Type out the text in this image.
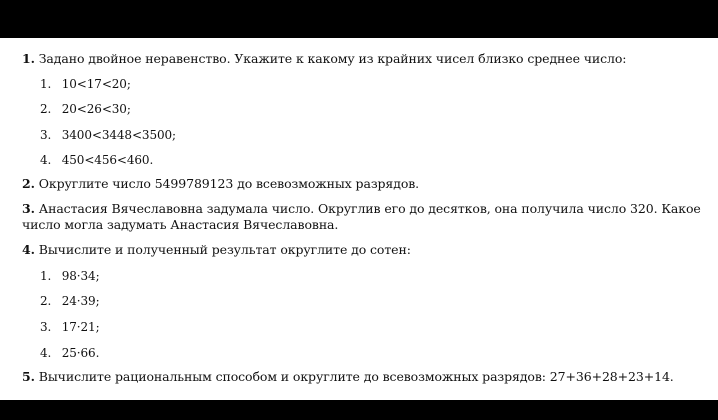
1. Задано двойное неравенство. Укажите к какому из крайних чисел близко среднее число:
1. 10<17<20;
2. 20<26<30;
3. 3400<3448<3500;
4. 450<456<460.
2. Округлите число 5499789123 до всевозможных разрядов.
3. Анастасия Вячеславовна задумала число. Округлив его до десятков, она получила число 320. Какое
число могла задумать Анастасия Вячеславовна.
4. Вычислите и полученный результат округлите до сотен:
1. 98·34;
2. 24·39;
3. 17·21;
4. 25·66.
5. Вычислите рациональным способом и округлите до всевозможных разрядов: 27+36+28+23+14.
